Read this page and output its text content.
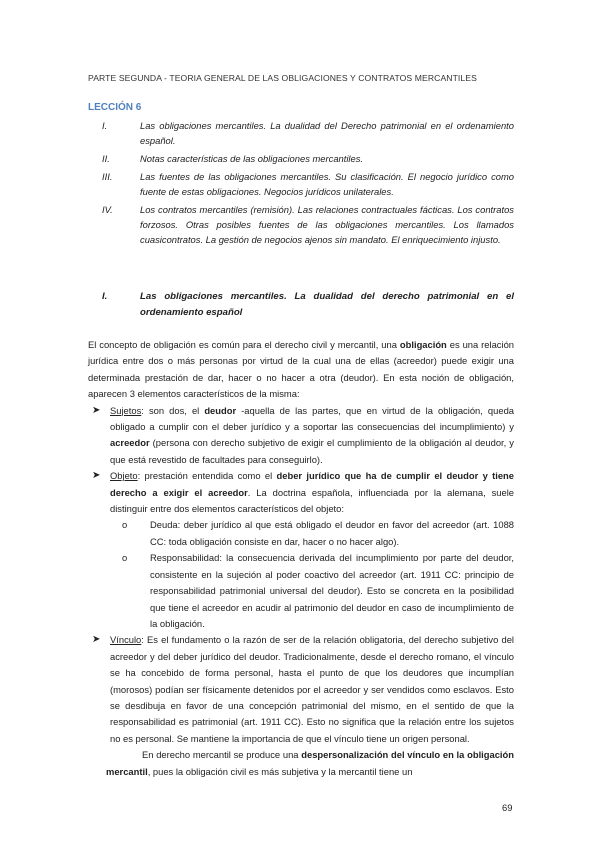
PARTE SEGUNDA - TEORIA GENERAL DE LAS OBLIGACIONES Y CONTRATOS MERCANTILES
LECCIÓN 6
I.	Las obligaciones mercantiles. La dualidad del Derecho patrimonial en el ordenamiento español.
II.	Notas características de las obligaciones mercantiles.
III.	Las fuentes de las obligaciones mercantiles. Su clasificación. El negocio jurídico como fuente de estas obligaciones. Negocios jurídicos unilaterales.
IV.	Los contratos mercantiles (remisión). Las relaciones contractuales fácticas. Los contratos forzosos. Otras posibles fuentes de las obligaciones mercantiles. Los llamados cuasicontratos. La gestión de negocios ajenos sin mandato. El enriquecimiento injusto.
I.	Las obligaciones mercantiles. La dualidad del derecho patrimonial en el ordenamiento español

El concepto de obligación es común para el derecho civil y mercantil, una obligación es una relación jurídica entre dos o más personas por virtud de la cual una de ellas (acreedor) puede exigir una determinada prestación de dar, hacer o no hacer a otra (deudor). En esta noción de obligación, aparecen 3 elementos característicos de la misma:

➤	Sujetos: son dos, el deudor -aquella de las partes, que en virtud de la obligación, queda obligado a cumplir con el deber jurídico y a soportar las consecuencias del incumplimiento) y acreedor (persona con derecho subjetivo de exigir el cumplimiento de la obligación al deudor, y que está revestido de facultades para conseguirlo).
➤	Objeto: prestación entendida como el deber jurídico que ha de cumplir el deudor y tiene derecho a exigir el acreedor. La doctrina española, influenciada por la alemana, suele distinguir entre dos elementos característicos del objeto:
o	Deuda: deber jurídico al que está obligado el deudor en favor del acreedor (art. 1088 CC: toda obligación consiste en dar, hacer o no hacer algo).
o	Responsabilidad: la consecuencia derivada del incumplimiento por parte del deudor, consistente en la sujeción al poder coactivo del acreedor (art. 1911 CC: principio de responsabilidad patrimonial universal del deudor). Esto se concreta en la posibilidad que tiene el acreedor en acudir al patrimonio del deudor en caso de incumplimiento de la obligación.
➤	Vínculo: Es el fundamento o la razón de ser de la relación obligatoria, del derecho subjetivo del acreedor y del deber jurídico del deudor. Tradicionalmente, desde el derecho romano, el vínculo se ha concebido de forma personal, hasta el punto de que los deudores que incumplían (morosos) podían ser físicamente detenidos por el acreedor y ser vendidos como esclavos. Esto se desdibuja en favor de una concepción patrimonial del mismo, en el sentido de que la responsabilidad es patrimonial (art. 1911 CC). Esto no significa que la relación entre los sujetos no es personal. Se mantiene la importancia de que el vínculo tiene un origen personal.

En derecho mercantil se produce una despersonalización del vínculo en la obligación mercantil, pues la obligación civil es más subjetiva y la mercantil tiene un

69
